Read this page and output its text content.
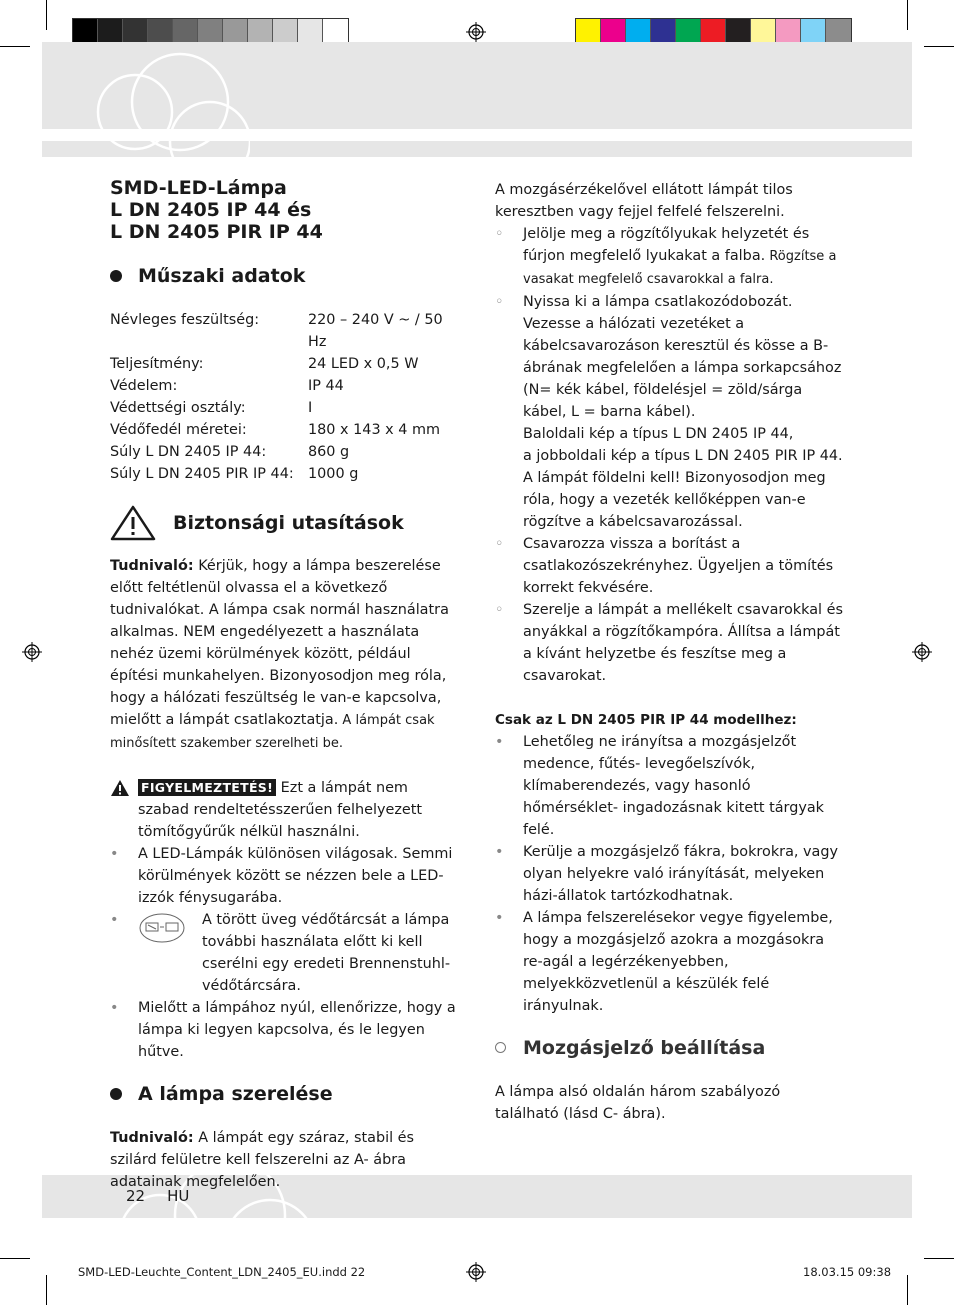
22 HU
SMD-LED-Lámpa
L DN 2405 IP 44 és
L DN 2405 PIR IP 44
Műszaki adatok
Névleges feszültség:	220 – 240 V ~ / 50 Hz
Teljesítmény:	24 LED x 0,5 W
Védelem:	IP 44
Védettségi osztály:	I
Védőfedél méretei:	180 x 143 x 4 mm
Súly L DN 2405 IP 44:	860 g
Súly L DN 2405 PIR IP 44:	1000 g
Biztonsági utasítások
Tudnivaló: Kérjük, hogy a lámpa beszerelése előtt feltétlenül olvassa el a következő tudnivalókat. A lámpa csak normál használatra alkalmas. NEM engedélyezett a használata nehéz üzemi körülmények között, például építési munkahelyen. Bizonyosodjon meg róla, hogy a hálózati feszültség le van-e kapcsolva, mielőtt a lámpát csatlakoztatja. A lámpát csak minősített szakember szerelheti be.
FIGYELMEZTETÉS! Ezt a lámpát nem szabad rendeltetésszerűen felhelyezett tömítőgyűrűk nélkül használni.
• A LED-Lámpák különösen világosak. Semmi körülmények között se nézzen bele a LED-izzók fénysugarába.
•	A törött üveg védőtárcsát a lámpa további használata előtt ki kell cserélni egy eredeti Brennenstuhl-védőtárcsára.
• Mielőtt a lámpához nyúl, ellenőrizze, hogy a lámpa ki legyen kapcsolva, és le legyen hűtve.
A lámpa szerelése
Tudnivaló: A lámpát egy száraz, stabil és szilárd felületre kell felszerelni az A- ábra adatainak megfelelően.
A mozgásérzékelővel ellátott lámpát tilos keresztben vagy fejjel felfelé felszerelni.
◦ Jelölje meg a rögzítőlyukak helyzetét és fúrjon megfelelő lyukakat a falba. Rögzítse a vasakat megfelelő csavarokkal a falra.
◦ Nyissa ki a lámpa csatlakozódobozát. Vezesse a hálózati vezetéket a kábelcsavarozáson keresztül és kösse a B-ábrának megfelelően a lámpa sorkapcsához (N= kék kábel, földelésjel = zöld/sárga kábel, L = barna kábel).
Baloldali kép a típus L DN 2405 IP 44,
a jobboldali kép a típus L DN 2405 PIR IP 44.
A lámpát földelni kell! Bizonyosodjon meg róla, hogy a vezeték kellőképpen van-e rögzítve a kábelcsavarozással.
◦ Csavarozza vissza a borítást a csatlakozószekrényhez. Ügyeljen a tömítés korrekt fekvésére.
◦ Szerelje a lámpát a mellékelt csavarokkal és anyákkal a rögzítőkampóra. Állítsa a lámpát a kívánt helyzetbe és feszítse meg a csavarokat.
Csak az L DN 2405 PIR IP 44 modellhez:
• Lehetőleg ne irányítsa a mozgásjelzőt medence, fűtés- levegőelszívók, klímaberendezés, vagy hasonló hőmérséklet- ingadozásnak kitett tárgyak felé.
• Kerülje a mozgásjelző fákra, bokrokra, vagy olyan helyekre való irányítását, melyeken házi-állatok tartózkodhatnak.
• A lámpa felszerelésekor vegye figyelembe, hogy a mozgásjelző azokra a mozgásokra re-agál a legérzékenyebben, melyekközvetlenül a készülék felé irányulnak.
Mozgásjelző beállítása
A lámpa alsó oldalán három szabályozó található (lásd C- ábra).
SMD-LED-Leuchte_Content_LDN_2405_EU.indd 22	18.03.15 09:38
